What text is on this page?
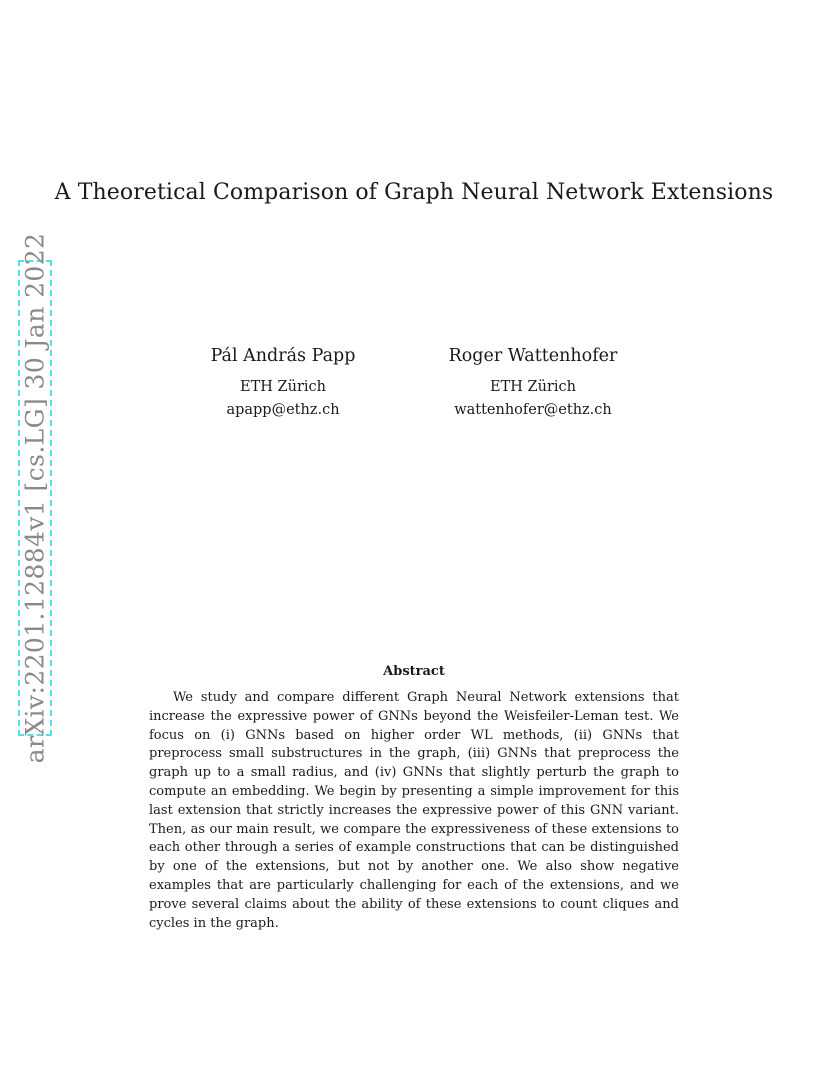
arXiv:2201.12884v1 [cs.LG] 30 Jan 2022
A Theoretical Comparison of Graph Neural Network Extensions
Pál András Papp
ETH Zürich
apapp@ethz.ch
Roger Wattenhofer
ETH Zürich
wattenhofer@ethz.ch
Abstract

We study and compare different Graph Neural Network extensions that increase the expressive power of GNNs beyond the Weisfeiler-Leman test. We focus on (i) GNNs based on higher order WL methods, (ii) GNNs that preprocess small substructures in the graph, (iii) GNNs that preprocess the graph up to a small radius, and (iv) GNNs that slightly perturb the graph to compute an embedding. We begin by presenting a simple improvement for this last extension that strictly increases the expressive power of this GNN variant. Then, as our main result, we compare the expressiveness of these extensions to each other through a series of example constructions that can be distinguished by one of the extensions, but not by another one. We also show negative examples that are particularly challenging for each of the extensions, and we prove several claims about the ability of these extensions to count cliques and cycles in the graph.
